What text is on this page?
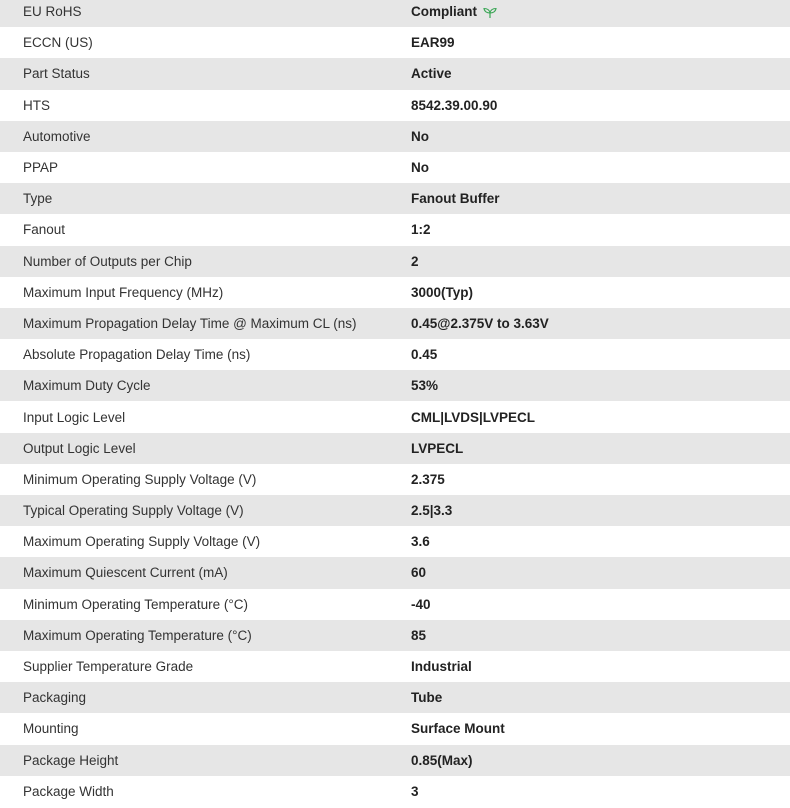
EU RoHS	Compliant
ECCN (US)	EAR99
Part Status	Active
HTS	8542.39.00.90
Automotive	No
PPAP	No
Type	Fanout Buffer
Fanout	1:2
Number of Outputs per Chip	2
Maximum Input Frequency (MHz)	3000(Typ)
Maximum Propagation Delay Time @ Maximum CL (ns)	0.45@2.375V to 3.63V
Absolute Propagation Delay Time (ns)	0.45
Maximum Duty Cycle	53%
Input Logic Level	CML|LVDS|LVPECL
Output Logic Level	LVPECL
Minimum Operating Supply Voltage (V)	2.375
Typical Operating Supply Voltage (V)	2.5|3.3
Maximum Operating Supply Voltage (V)	3.6
Maximum Quiescent Current (mA)	60
Minimum Operating Temperature (°C)	-40
Maximum Operating Temperature (°C)	85
Supplier Temperature Grade	Industrial
Packaging	Tube
Mounting	Surface Mount
Package Height	0.85(Max)
Package Width	3
